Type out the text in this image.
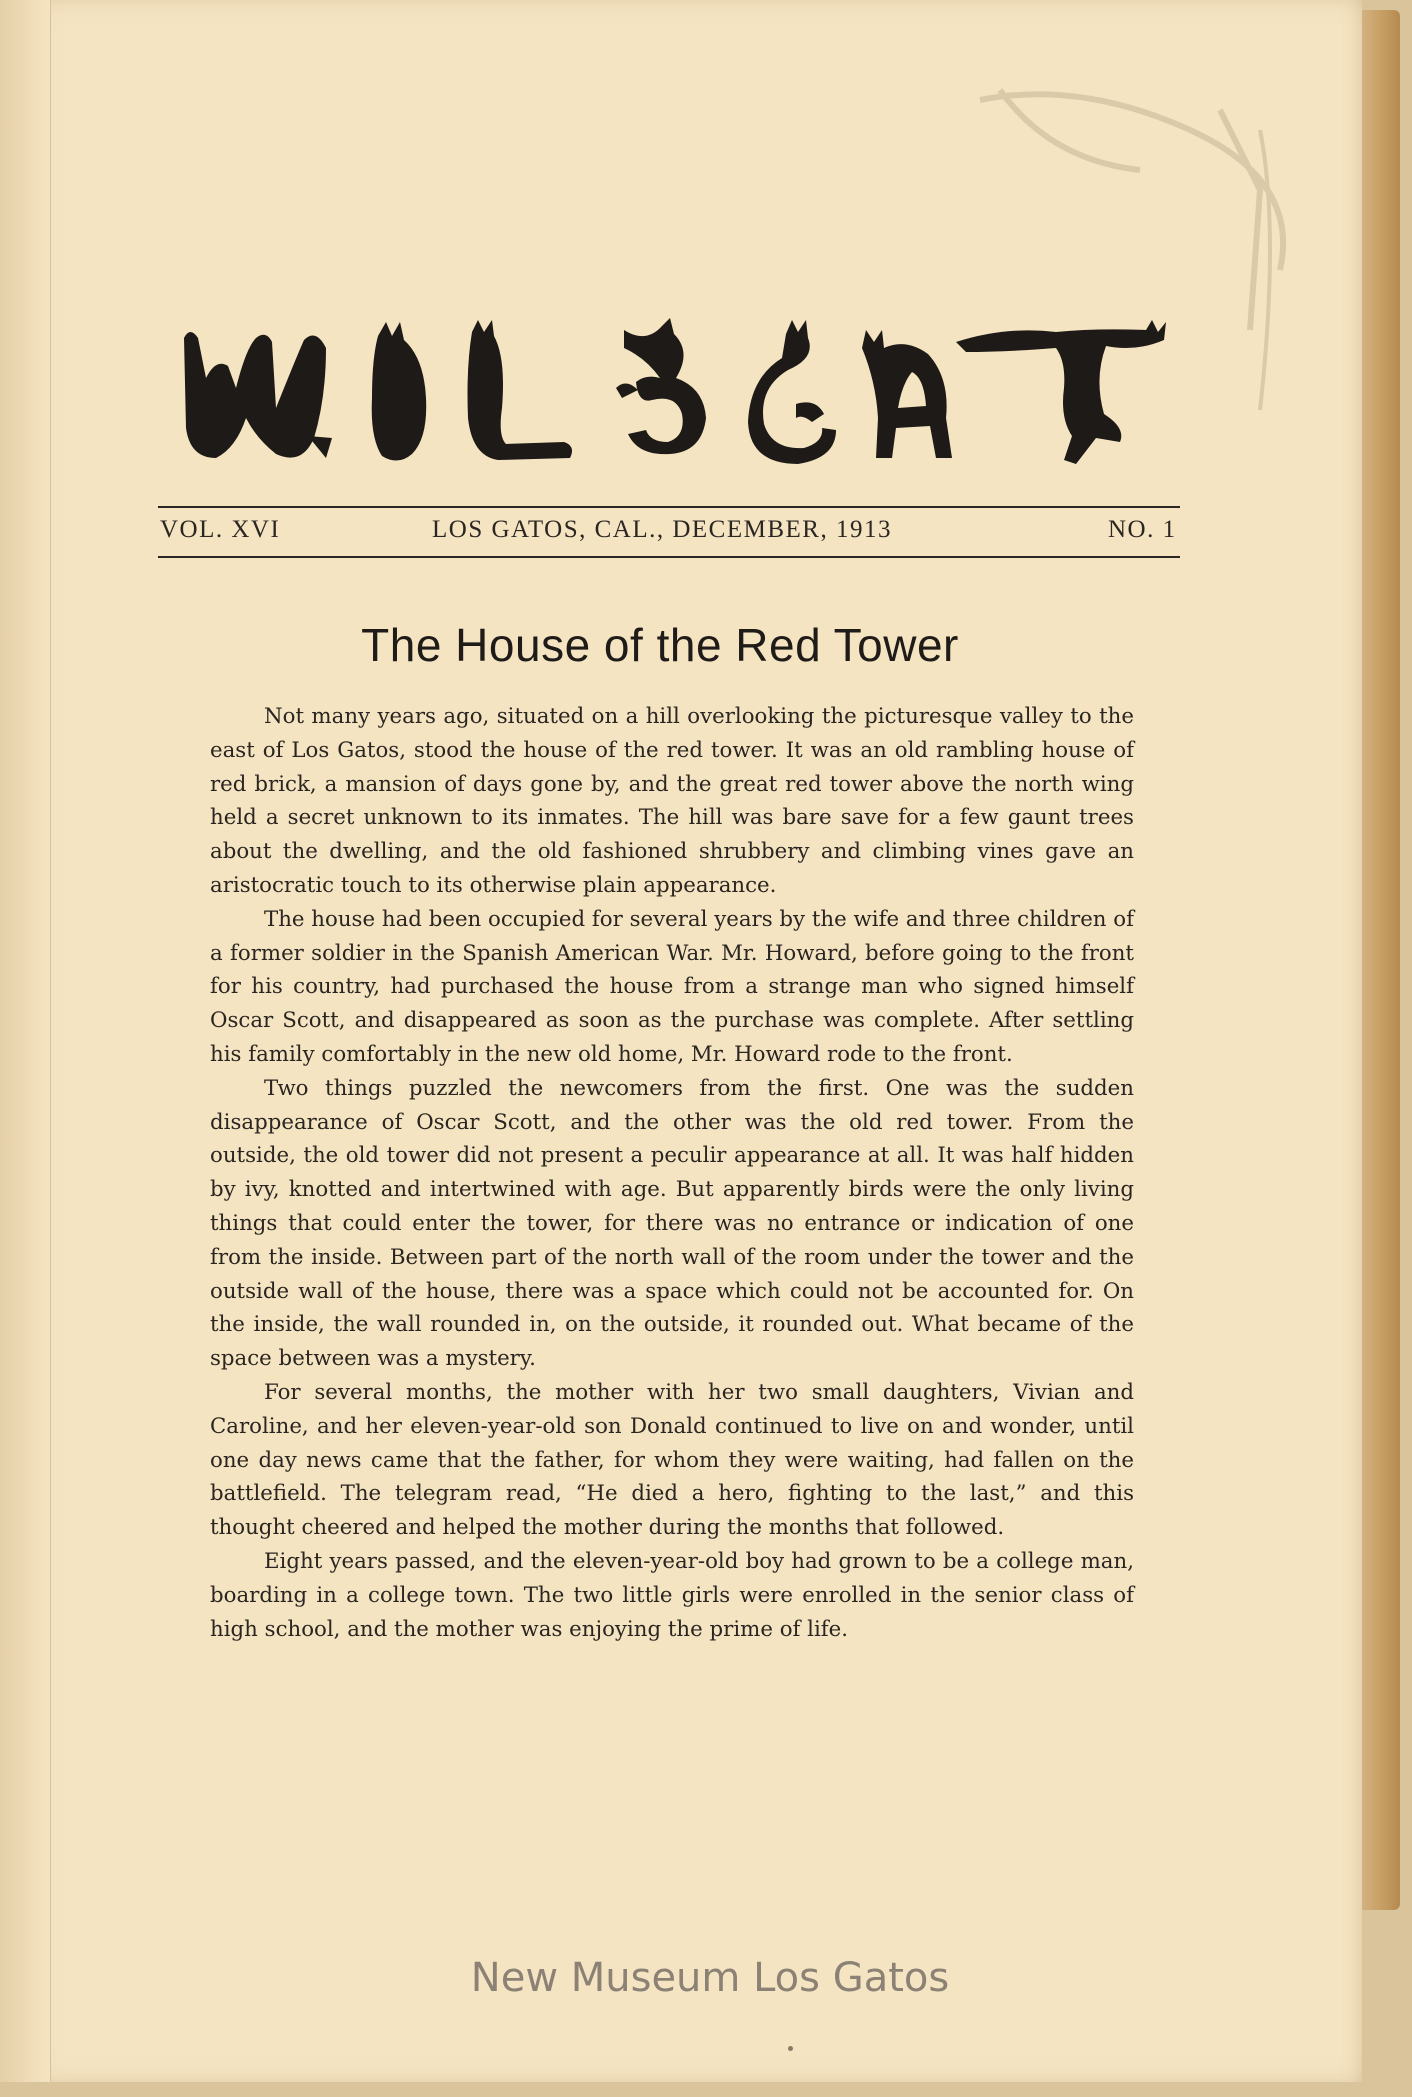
VOL. XVI	LOS GATOS, CAL., DECEMBER, 1913	NO. 1
The House of the Red Tower

Not many years ago, situated on a hill overlooking the picturesque valley to the east of Los Gatos, stood the house of the red tower. It was an old rambling house of red brick, a mansion of days gone by, and the great red tower above the north wing held a secret unknown to its inmates. The hill was bare save for a few gaunt trees about the dwelling, and the old fashioned shrubbery and climbing vines gave an aristocratic touch to its otherwise plain appearance.

The house had been occupied for several years by the wife and three children of a former soldier in the Spanish American War. Mr. Howard, before going to the front for his country, had purchased the house from a strange man who signed himself Oscar Scott, and disappeared as soon as the purchase was complete. After settling his family comfortably in the new old home, Mr. Howard rode to the front.

Two things puzzled the newcomers from the first. One was the sudden disappearance of Oscar Scott, and the other was the old red tower. From the outside, the old tower did not present a peculir appearance at all. It was half hidden by ivy, knotted and intertwined with age. But apparently birds were the only living things that could enter the tower, for there was no entrance or indication of one from the inside. Between part of the north wall of the room under the tower and the outside wall of the house, there was a space which could not be accounted for. On the inside, the wall rounded in, on the outside, it rounded out. What became of the space between was a mystery.

For several months, the mother with her two small daughters, Vivian and Caroline, and her eleven-year-old son Donald continued to live on and wonder, until one day news came that the father, for whom they were waiting, had fallen on the battlefield. The telegram read, “He died a hero, fighting to the last,” and this thought cheered and helped the mother during the months that followed.

Eight years passed, and the eleven-year-old boy had grown to be a college man, boarding in a college town. The two little girls were enrolled in the senior class of high school, and the mother was enjoying the prime of life.

New Museum Los Gatos
